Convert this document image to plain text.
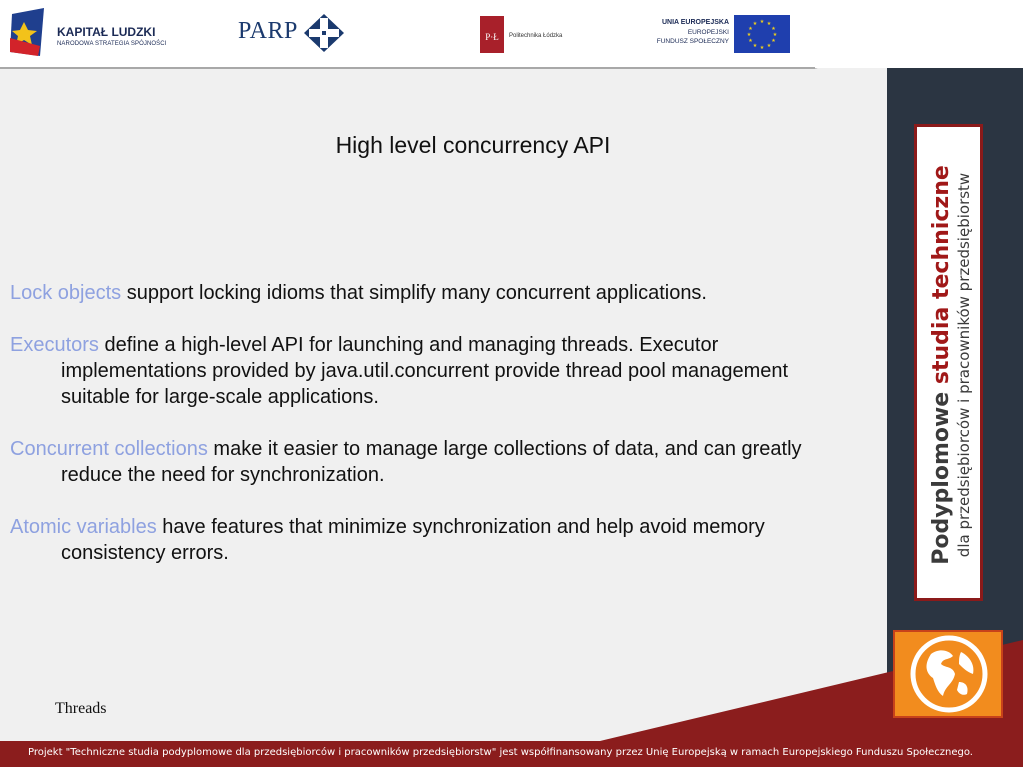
KAPITAŁ LUDZKI
NARODOWA STRATEGIA SPÓJNOŚCI	PARP	P·Ł Politechnika Łódzka
UNIA EUROPEJSKA
EUROPEJSKI
FUNDUSZ SPOŁECZNY
★ ★
★
★
★
★
★
★
★
★
★
★
Podyplomowe studia techniczne dla przedsiębiorców i pracowników przedsiębiorstw
High level concurrency API

Lock objects support locking idioms that simplify many concurrent applications.

Executors define a high-level API for launching and managing threads. Executor implementations provided by java.util.concurrent provide thread pool management suitable for large-scale applications.

Concurrent collections make it easier to manage large collections of data, and can greatly reduce the need for synchronization.

Atomic variables have features that minimize synchronization and help avoid memory consistency errors.

Threads
Projekt "Techniczne studia podyplomowe dla przedsiębiorców i pracowników przedsiębiorstw" jest współfinansowany przez Unię Europejską w ramach Europejskiego Funduszu Społecznego.
